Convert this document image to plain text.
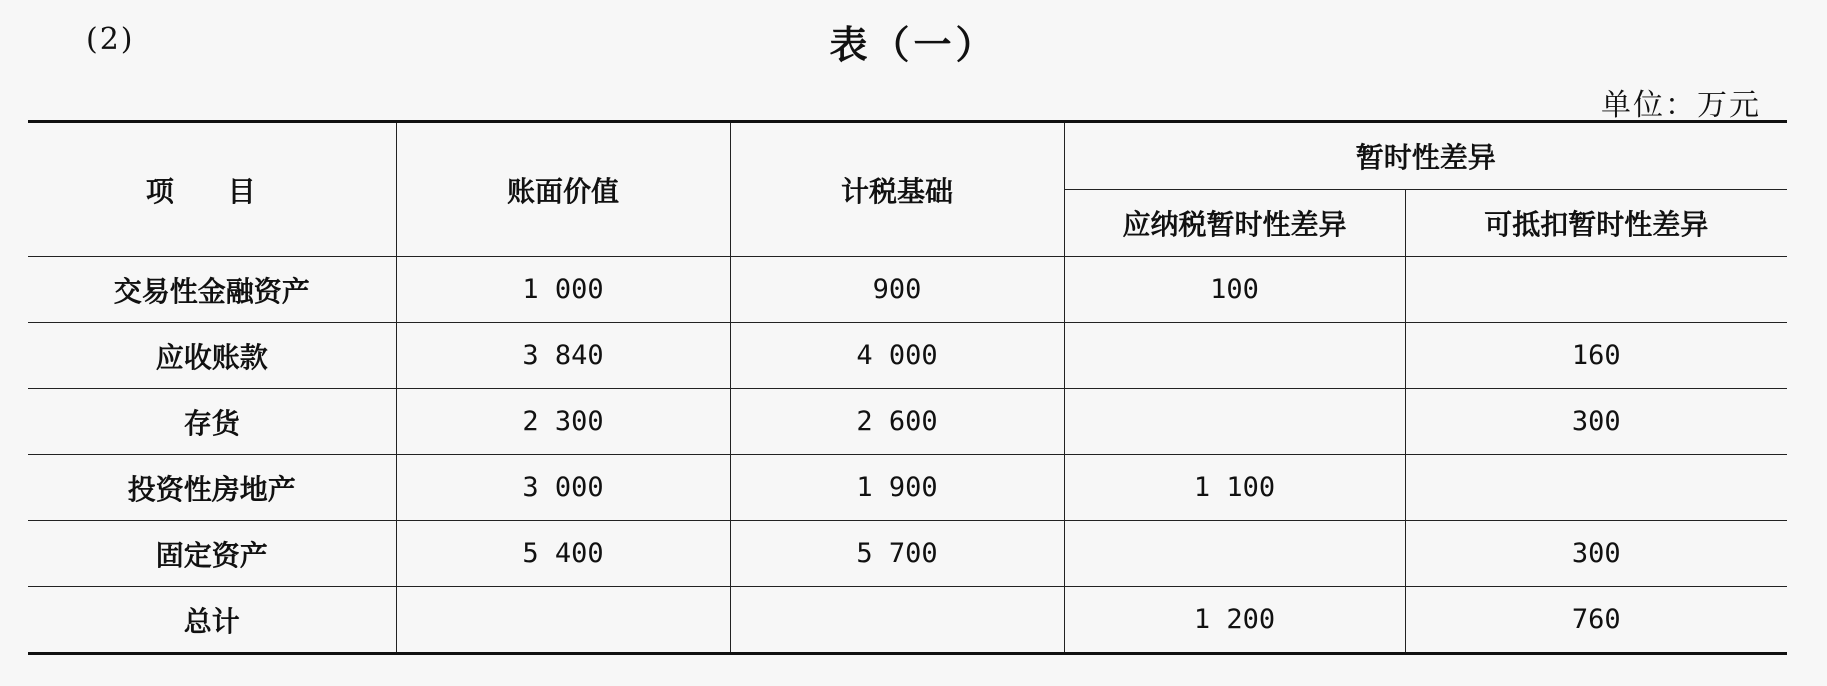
(2)	表（一）
单位：万元
项 目	账面价值	计税基础	暂时性差异	
			应纳税暂时性差异	可抵扣暂时性差异
交易性金融资产	1 000	900	100	
应收账款	3 840	4 000		160
存货	2 300	2 600		300
投资性房地产	3 000	1 900	1 100	
固定资产	5 400	5 700		300
总计			1 200	760
